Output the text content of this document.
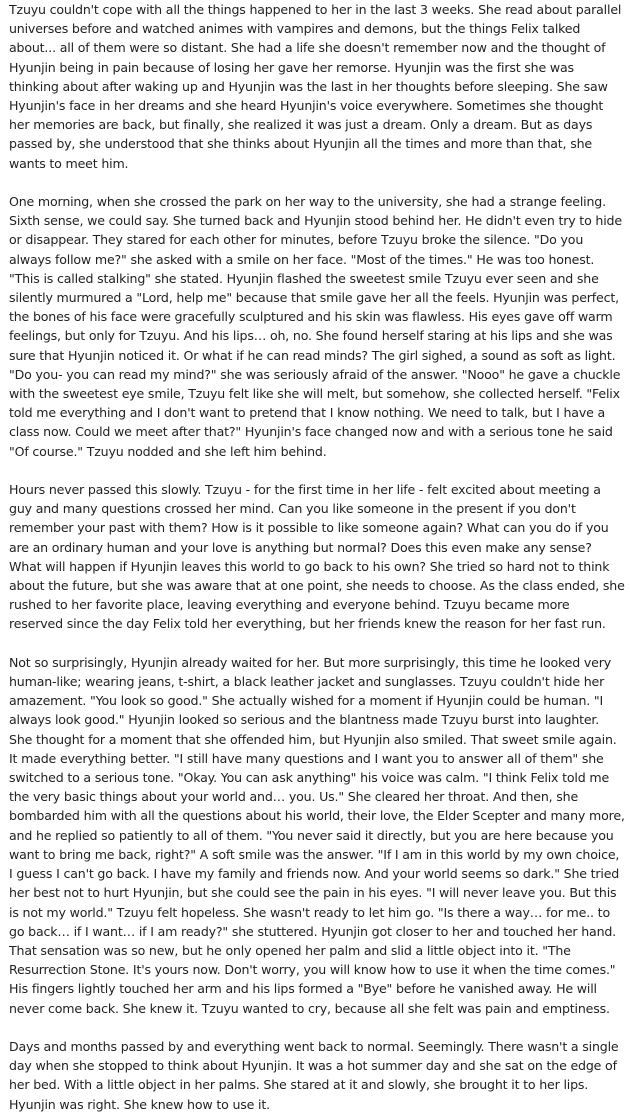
Tzuyu couldn't cope with all the things happened to her in the last 3 weeks. She read about parallel universes before and watched animes with vampires and demons, but the things Felix talked about... all of them were so distant. She had a life she doesn't remember now and the thought of Hyunjin being in pain because of losing her gave her remorse. Hyunjin was the first she was thinking about after waking up and Hyunjin was the last in her thoughts before sleeping. She saw Hyunjin's face in her dreams and she heard Hyunjin's voice everywhere. Sometimes she thought her memories are back, but finally, she realized it was just a dream. Only a dream. But as days passed by, she understood that she thinks about Hyunjin all the times and more than that, she wants to meet him.

One morning, when she crossed the park on her way to the university, she had a strange feeling. Sixth sense, we could say. She turned back and Hyunjin stood behind her. He didn't even try to hide or disappear. They stared for each other for minutes, before Tzuyu broke the silence. "Do you always follow me?" she asked with a smile on her face. "Most of the times." He was too honest. "This is called stalking" she stated. Hyunjin flashed the sweetest smile Tzuyu ever seen and she silently murmured a "Lord, help me" because that smile gave her all the feels. Hyunjin was perfect, the bones of his face were gracefully sculptured and his skin was flawless. His eyes gave off warm feelings, but only for Tzuyu. And his lips… oh, no. She found herself staring at his lips and she was sure that Hyunjin noticed it. Or what if he can read minds? The girl sighed, a sound as soft as light. "Do you- you can read my mind?" she was seriously afraid of the answer. "Nooo" he gave a chuckle with the sweetest eye smile, Tzuyu felt like she will melt, but somehow, she collected herself. "Felix told me everything and I don't want to pretend that I know nothing. We need to talk, but I have a class now. Could we meet after that?" Hyunjin's face changed now and with a serious tone he said "Of course." Tzuyu nodded and she left him behind.

Hours never passed this slowly. Tzuyu - for the first time in her life - felt excited about meeting a guy and many questions crossed her mind. Can you like someone in the present if you don't remember your past with them? How is it possible to like someone again? What can you do if you are an ordinary human and your love is anything but normal? Does this even make any sense? What will happen if Hyunjin leaves this world to go back to his own? She tried so hard not to think about the future, but she was aware that at one point, she needs to choose. As the class ended, she rushed to her favorite place, leaving everything and everyone behind. Tzuyu became more reserved since the day Felix told her everything, but her friends knew the reason for her fast run.

Not so surprisingly, Hyunjin already waited for her. But more surprisingly, this time he looked very human-like; wearing jeans, t-shirt, a black leather jacket and sunglasses. Tzuyu couldn't hide her amazement. "You look so good." She actually wished for a moment if Hyunjin could be human. "I always look good." Hyunjin looked so serious and the blantness made Tzuyu burst into laughter. She thought for a moment that she offended him, but Hyunjin also smiled. That sweet smile again. It made everything better. "I still have many questions and I want you to answer all of them" she switched to a serious tone. "Okay. You can ask anything" his voice was calm. "I think Felix told me the very basic things about your world and… you. Us." She cleared her throat. And then, she bombarded him with all the questions about his world, their love, the Elder Scepter and many more, and he replied so patiently to all of them. "You never said it directly, but you are here because you want to bring me back, right?" A soft smile was the answer. "If I am in this world by my own choice, I guess I can't go back. I have my family and friends now. And your world seems so dark." She tried her best not to hurt Hyunjin, but she could see the pain in his eyes. "I will never leave you. But this is not my world." Tzuyu felt hopeless. She wasn't ready to let him go. "Is there a way… for me.. to go back… if I want… if I am ready?" she stuttered. Hyunjin got closer to her and touched her hand. That sensation was so new, but he only opened her palm and slid a little object into it. "The Resurrection Stone. It's yours now. Don't worry, you will know how to use it when the time comes." His fingers lightly touched her arm and his lips formed a "Bye" before he vanished away. He will never come back. She knew it. Tzuyu wanted to cry, because all she felt was pain and emptiness.

Days and months passed by and everything went back to normal. Seemingly. There wasn't a single day when she stopped to think about Hyunjin. It was a hot summer day and she sat on the edge of her bed. With a little object in her palms. She stared at it and slowly, she brought it to her lips. Hyunjin was right. She knew how to use it.
